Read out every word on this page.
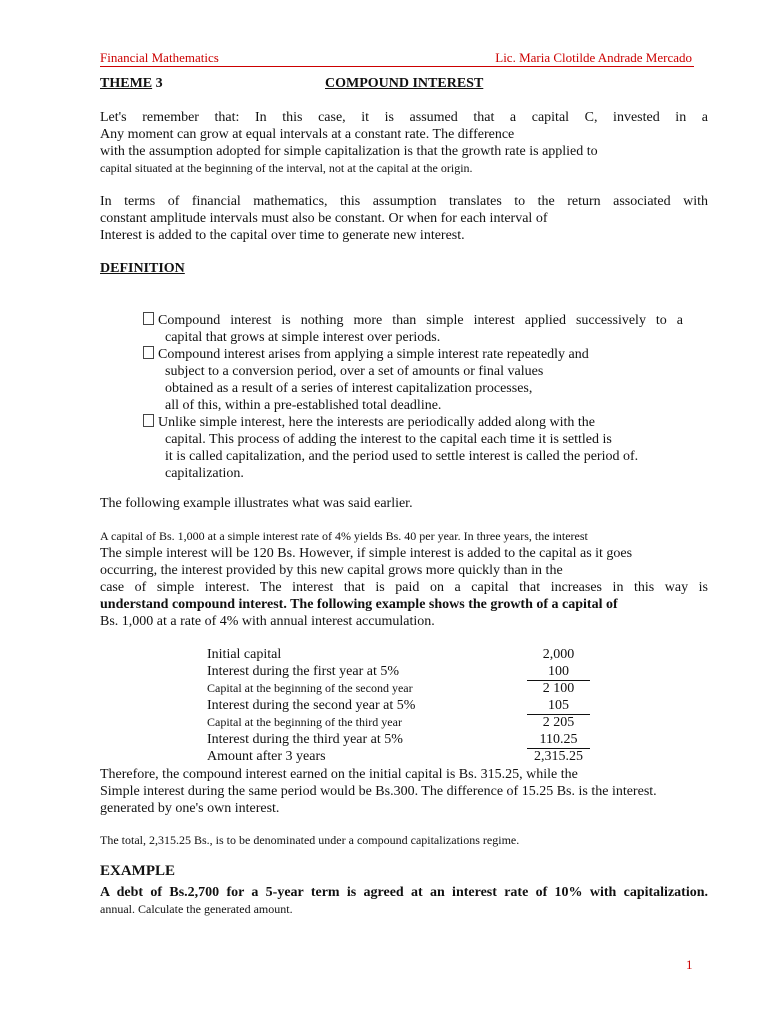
Financial Mathematics	Lic. Maria Clotilde Andrade Mercado
THEME 3	COMPOUND INTEREST
Let's remember that: In this case, it is assumed that a capital C, invested in a
Any moment can grow at equal intervals at a constant rate. The difference
with the assumption adopted for simple capitalization is that the growth rate is applied to
capital situated at the beginning of the interval, not at the capital at the origin.
In terms of financial mathematics, this assumption translates to the return associated with
constant amplitude intervals must also be constant. Or when for each interval of
Interest is added to the capital over time to generate new interest.
DEFINITION
Compound interest is nothing more than simple interest applied successively to a
capital that grows at simple interest over periods.
Compound interest arises from applying a simple interest rate repeatedly and
subject to a conversion period, over a set of amounts or final values
obtained as a result of a series of interest capitalization processes,
all of this, within a pre-established total deadline.
Unlike simple interest, here the interests are periodically added along with the
capital. This process of adding the interest to the capital each time it is settled is
it is called capitalization, and the period used to settle interest is called the period of.
capitalization.
The following example illustrates what was said earlier.
A capital of Bs. 1,000 at a simple interest rate of 4% yields Bs. 40 per year. In three years, the interest
The simple interest will be 120 Bs. However, if simple interest is added to the capital as it goes
occurring, the interest provided by this new capital grows more quickly than in the
case of simple interest. The interest that is paid on a capital that increases in this way is
understand compound interest. The following example shows the growth of a capital of
Bs. 1,000 at a rate of 4% with annual interest accumulation.
Initial capital	2,000
Interest during the first year at 5%	100
Capital at the beginning of the second year	2 100
Interest during the second year at 5%	105
Capital at the beginning of the third year	2 205
Interest during the third year at 5%	110.25
Amount after 3 years	2,315.25
Therefore, the compound interest earned on the initial capital is Bs. 315.25, while the
Simple interest during the same period would be Bs.300. The difference of 15.25 Bs. is the interest.
generated by one's own interest.
The total, 2,315.25 Bs., is to be denominated under a compound capitalizations regime.
EXAMPLE
A debt of Bs.2,700 for a 5-year term is agreed at an interest rate of 10% with capitalization.
annual. Calculate the generated amount.
1
